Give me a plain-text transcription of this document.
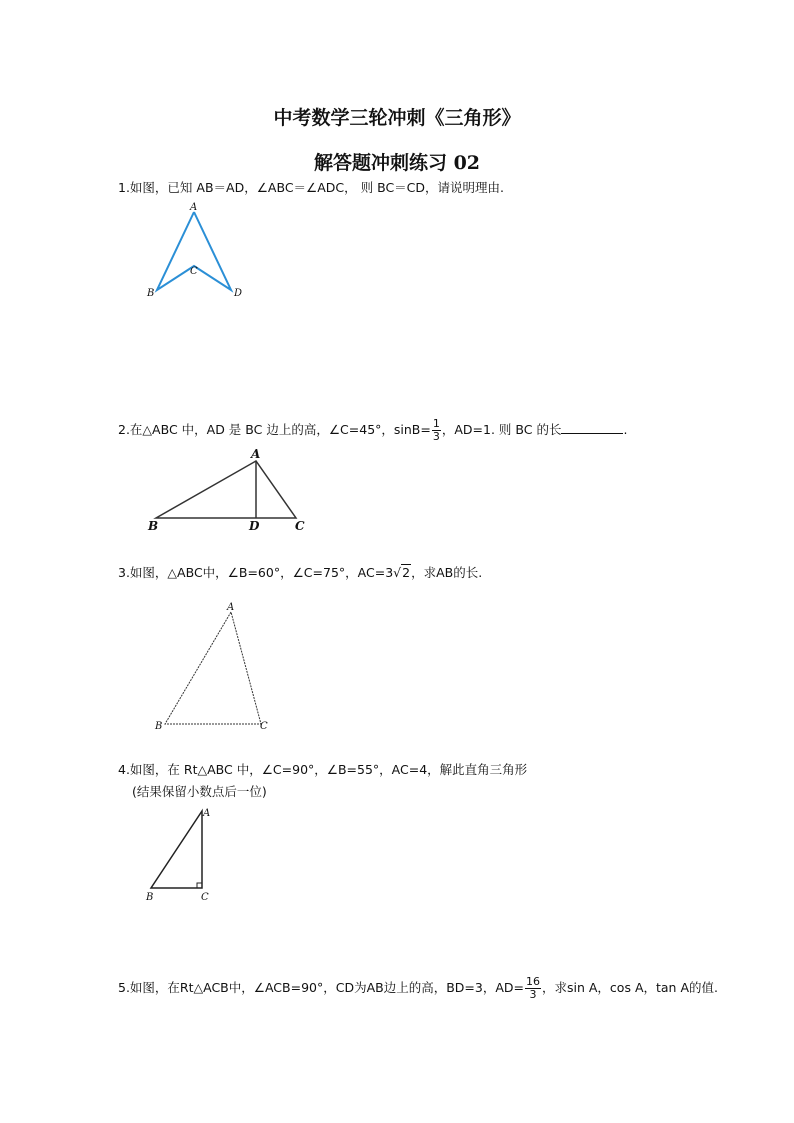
中考数学三轮冲刺《三角形》
解答题冲刺练习 02
1.如图，已知 AB＝AD，∠ABC＝∠ADC， 则 BC＝CD，请说明理由.
A
B
C
D
2.在△ABC 中，AD 是 BC 边上的高，∠C=45°，$\sin B= \frac{1}{3}$ ，AD=1. 则 BC 的长	.
A
B	D	C
3.如图，△ABC中，∠B=60°，∠C=75°，AC=3√2，求AB的长.
A
B	C
4.如图，在 Rt△ABC 中，∠C=90°，∠B=55°，AC=4，解此直角三角形
(结果保留小数点后一位)
A
B	C
5.如图，在Rt△ACB中，∠ACB=90°，CD为AB边上的高，BD=3，$AD= \frac{16}{3}$ ，求sin A，cos A，tan A的值.
